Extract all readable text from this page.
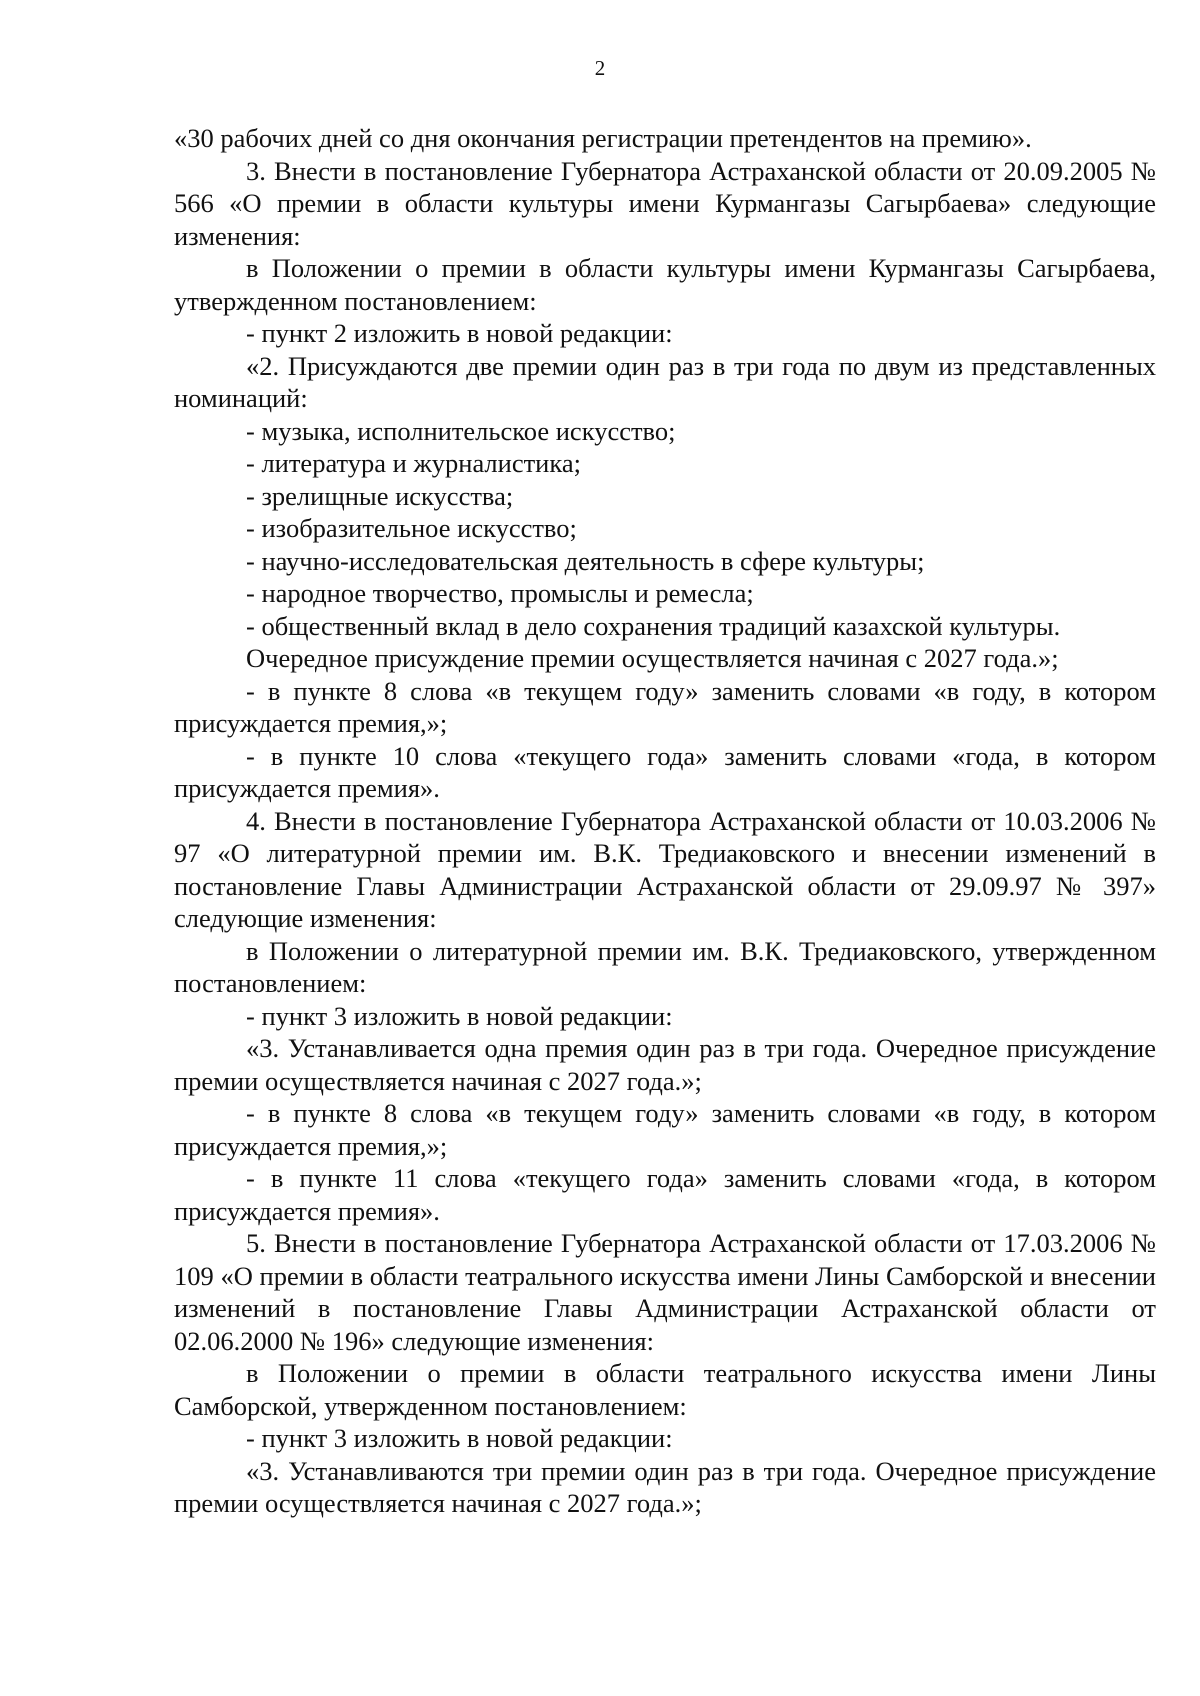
2

«30 рабочих дней со дня окончания регистрации претендентов на премию».

3. Внести в постановление Губернатора Астраханской области от 20.09.2005 № 566 «О премии в области культуры имени Курмангазы Сагырбаева» следующие изменения:

в Положении о премии в области культуры имени Курмангазы Сагырбаева, утвержденном постановлением:

- пункт 2 изложить в новой редакции:

«2. Присуждаются две премии один раз в три года по двум из представленных номинаций:

- музыка, исполнительское искусство;

- литература и журналистика;

- зрелищные искусства;

- изобразительное искусство;

- научно-исследовательская деятельность в сфере культуры;

- народное творчество, промыслы и ремесла;

- общественный вклад в дело сохранения традиций казахской культуры.

Очередное присуждение премии осуществляется начиная с 2027 года.»;

- в пункте 8 слова «в текущем году» заменить словами «в году, в котором присуждается премия,»;

- в пункте 10 слова «текущего года» заменить словами «года, в котором присуждается премия».

4. Внести в постановление Губернатора Астраханской области от 10.03.2006 № 97 «О литературной премии им. В.К. Тредиаковского и внесении изменений в постановление Главы Администрации Астраханской области от 29.09.97 № 397» следующие изменения:

в Положении о литературной премии им. В.К. Тредиаковского, утвержденном постановлением:

- пункт 3 изложить в новой редакции:

«3. Устанавливается одна премия один раз в три года. Очередное присуждение премии осуществляется начиная с 2027 года.»;

- в пункте 8 слова «в текущем году» заменить словами «в году, в котором присуждается премия,»;

- в пункте 11 слова «текущего года» заменить словами «года, в котором присуждается премия».

5. Внести в постановление Губернатора Астраханской области от 17.03.2006 № 109 «О премии в области театрального искусства имени Лины Самборской и внесении изменений в постановление Главы Администрации Астраханской области от 02.06.2000 № 196» следующие изменения:

в Положении о премии в области театрального искусства имени Лины Самборской, утвержденном постановлением:

- пункт 3 изложить в новой редакции:

«3. Устанавливаются три премии один раз в три года. Очередное присуждение премии осуществляется начиная с 2027 года.»;
